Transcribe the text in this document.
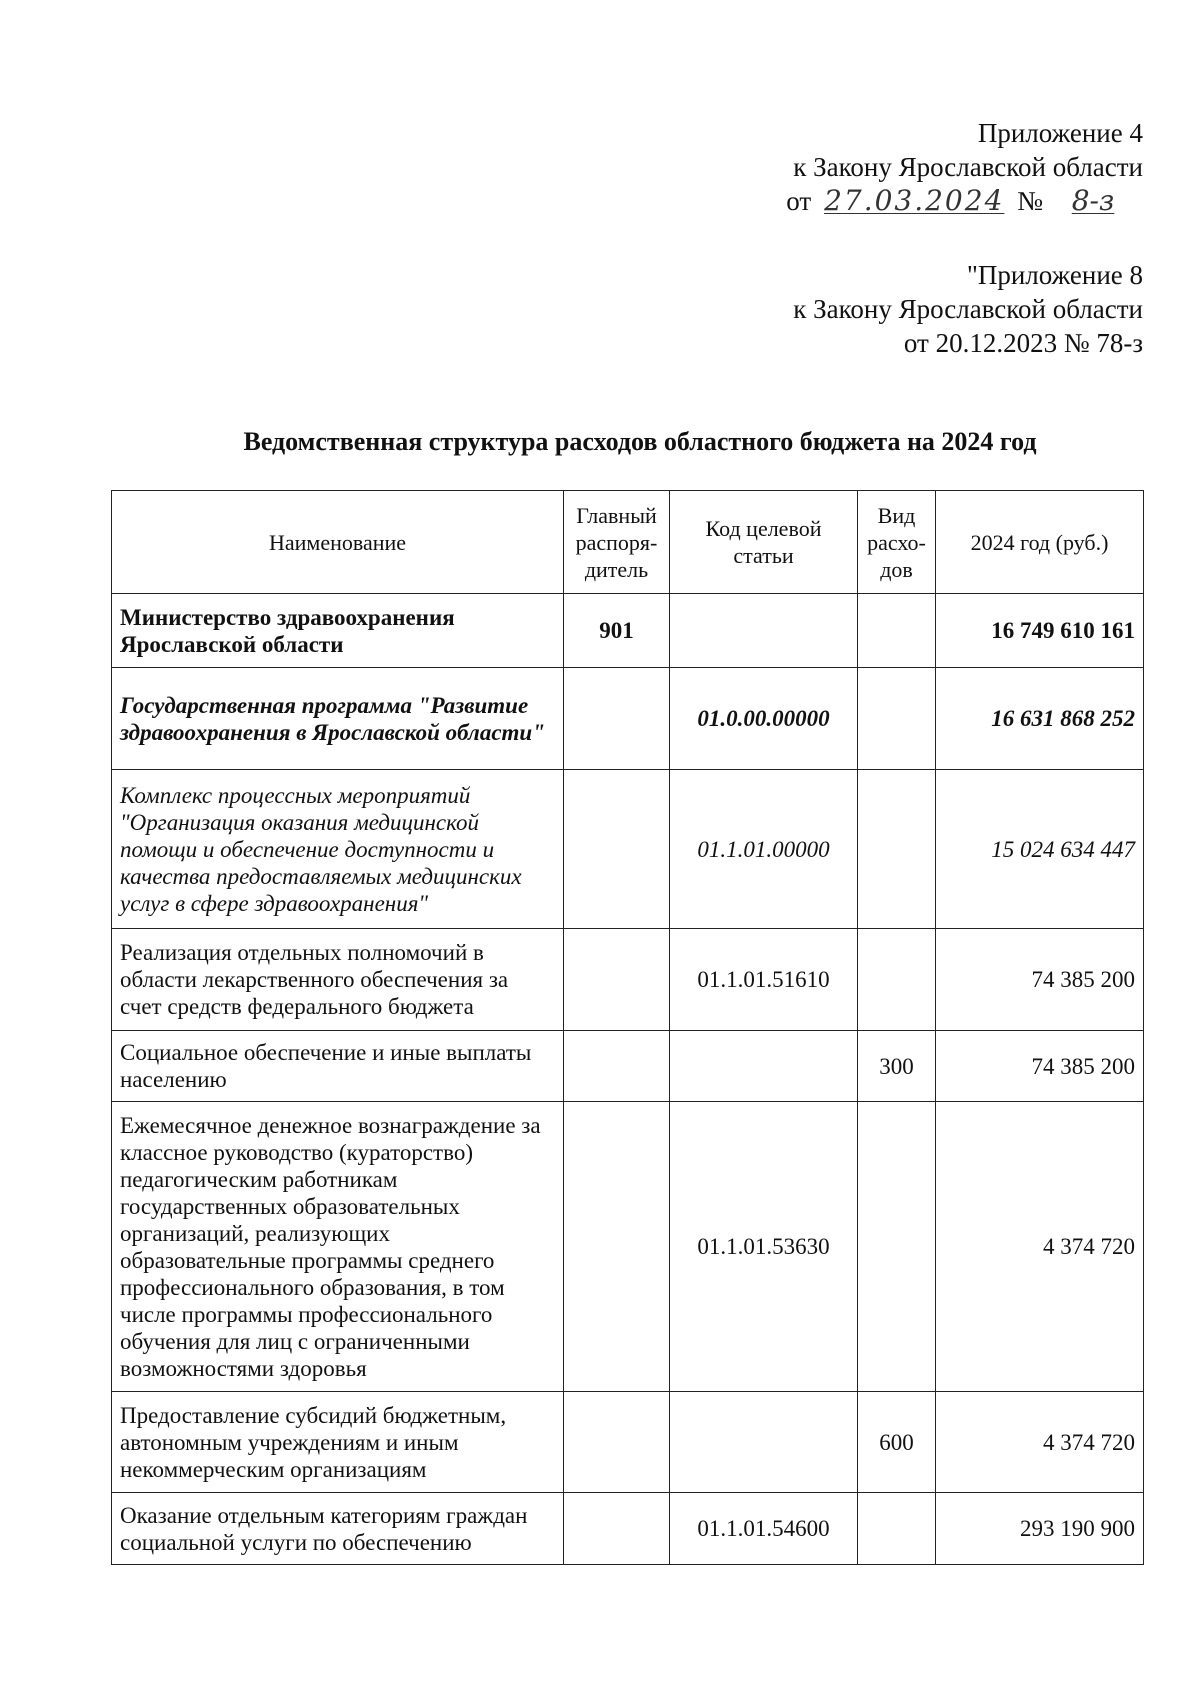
Приложение 4
к Закону Ярославской области
от 27.03.2024 № 8-з
"Приложение 8
к Закону Ярославской области
от 20.12.2023 № 78-з
Ведомственная структура расходов областного бюджета на 2024 год
Наименование	Главный распоря-дитель	Код целевой статьи	Вид расхо-дов	2024 год (руб.)
Министерство здравоохранения Ярославской области	901			16 749 610 161
Государственная программа "Развитие здравоохранения в Ярославской области"		01.0.00.00000		16 631 868 252
Комплекс процессных мероприятий "Организация оказания медицинской помощи и обеспечение доступности и качества предоставляемых медицинских услуг в сфере здравоохранения"		01.1.01.00000		15 024 634 447
Реализация отдельных полномочий в области лекарственного обеспечения за счет средств федерального бюджета		01.1.01.51610		74 385 200
Социальное обеспечение и иные выплаты населению			300	74 385 200
Ежемесячное денежное вознаграждение за классное руководство (кураторство) педагогическим работникам государственных образовательных организаций, реализующих образовательные программы среднего профессионального образования, в том числе программы профессионального обучения для лиц с ограниченными возможностями здоровья		01.1.01.53630		4 374 720
Предоставление субсидий бюджетным, автономным учреждениям и иным некоммерческим организациям			600	4 374 720
Оказание отдельным категориям граждан социальной услуги по обеспечению		01.1.01.54600		293 190 900
